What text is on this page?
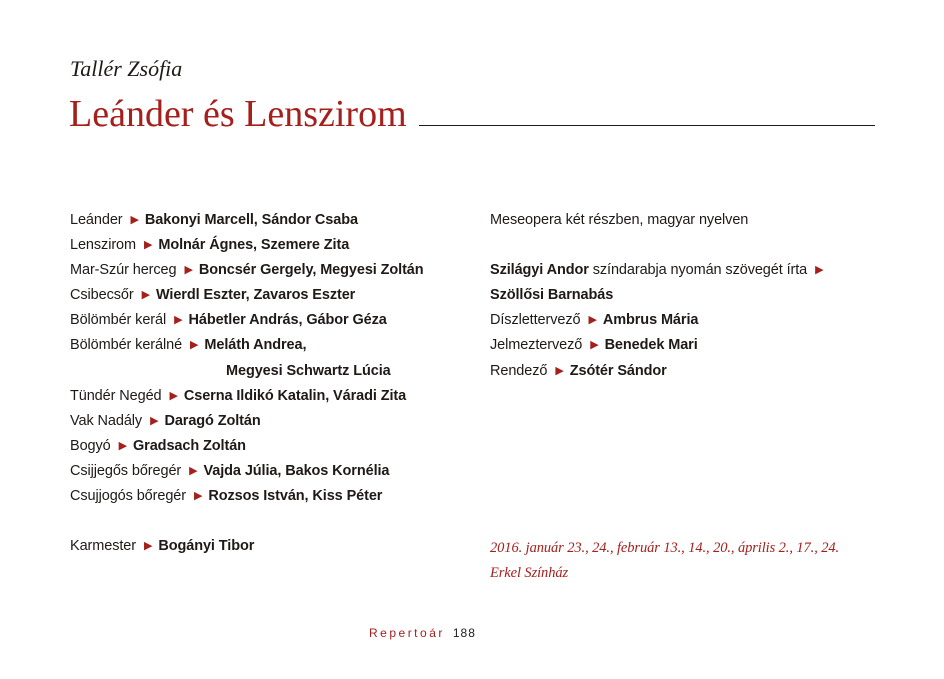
Tallér Zsófia
Leánder és Lenszirom
Leánder ▶ Bakonyi Marcell, Sándor Csaba
Lenszirom ▶ Molnár Ágnes, Szemere Zita
Mar-Szúr herceg ▶ Boncsér Gergely, Megyesi Zoltán
Csibecsőr ▶ Wierdl Eszter, Zavaros Eszter
Bölömbér kerál ▶ Hábetler András, Gábor Géza
Bölömbér kerálné ▶ Meláth Andrea,
Megyesi Schwartz Lúcia
Tündér Negéd ▶ Cserna Ildikó Katalin, Váradi Zita
Vak Nadály ▶ Daragó Zoltán
Bogyó ▶ Gradsach Zoltán
Csijjegős bőregér ▶ Vajda Júlia, Bakos Kornélia
Csujjogós bőregér ▶ Rozsos István, Kiss Péter
Karmester ▶ Bogányi Tibor
Meseopera két részben, magyar nyelven
Szilágyi Andor színdarabja nyomán szövegét írta ▶
Szöllősi Barnabás
Díszlettervező ▶ Ambrus Mária
Jelmeztervező ▶ Benedek Mari
Rendező ▶ Zsótér Sándor
2016. január 23., 24., február 13., 14., 20., április 2., 17., 24.
Erkel Színház
Repertoár 188
